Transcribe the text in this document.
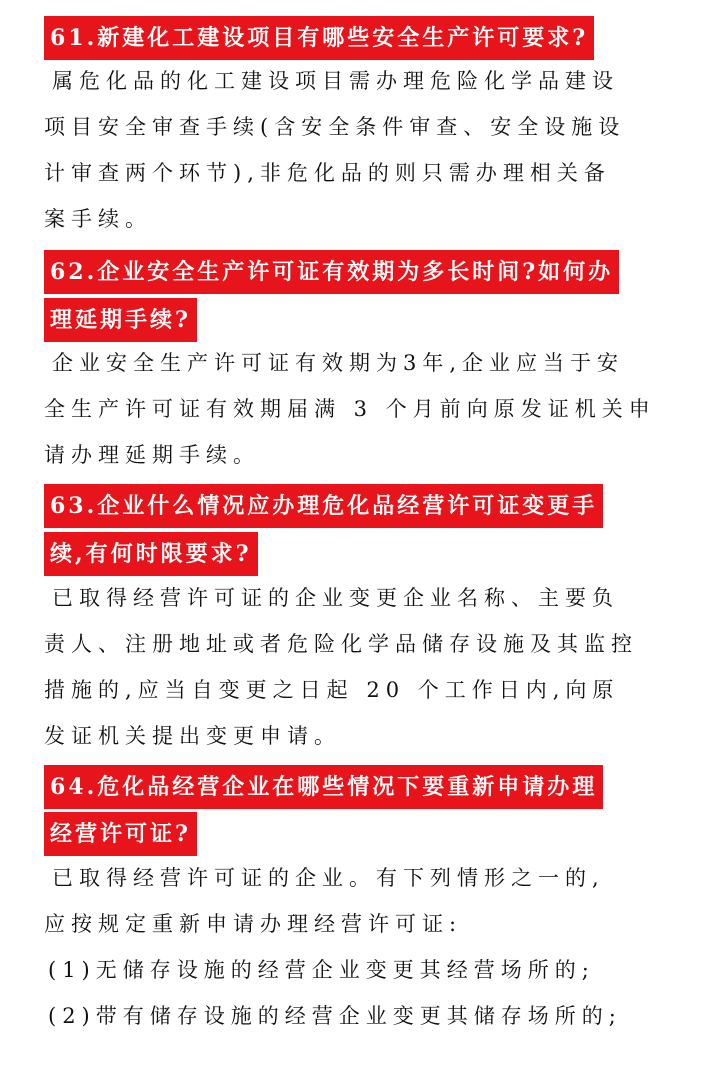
61.新建化工建设项目有哪些安全生产许可要求?
属危化品的化工建设项目需办理危险化学品建设
项目安全审查手续(含安全条件审查、安全设施设
计审查两个环节),非危化品的则只需办理相关备
案手续。
62.企业安全生产许可证有效期为多长时间?如何办
理延期手续?
企业安全生产许可证有效期为3年,企业应当于安
全生产许可证有效期届满 3 个月前向原发证机关申
请办理延期手续。
63.企业什么情况应办理危化品经营许可证变更手
续,有何时限要求?
已取得经营许可证的企业变更企业名称、主要负
责人、注册地址或者危险化学品储存设施及其监控
措施的,应当自变更之日起 20 个工作日内,向原
发证机关提出变更申请。
64.危化品经营企业在哪些情况下要重新申请办理
经营许可证?
已取得经营许可证的企业。有下列情形之一的,
应按规定重新申请办理经营许可证:
(1)无储存设施的经营企业变更其经营场所的;
(2)带有储存设施的经营企业变更其储存场所的;
